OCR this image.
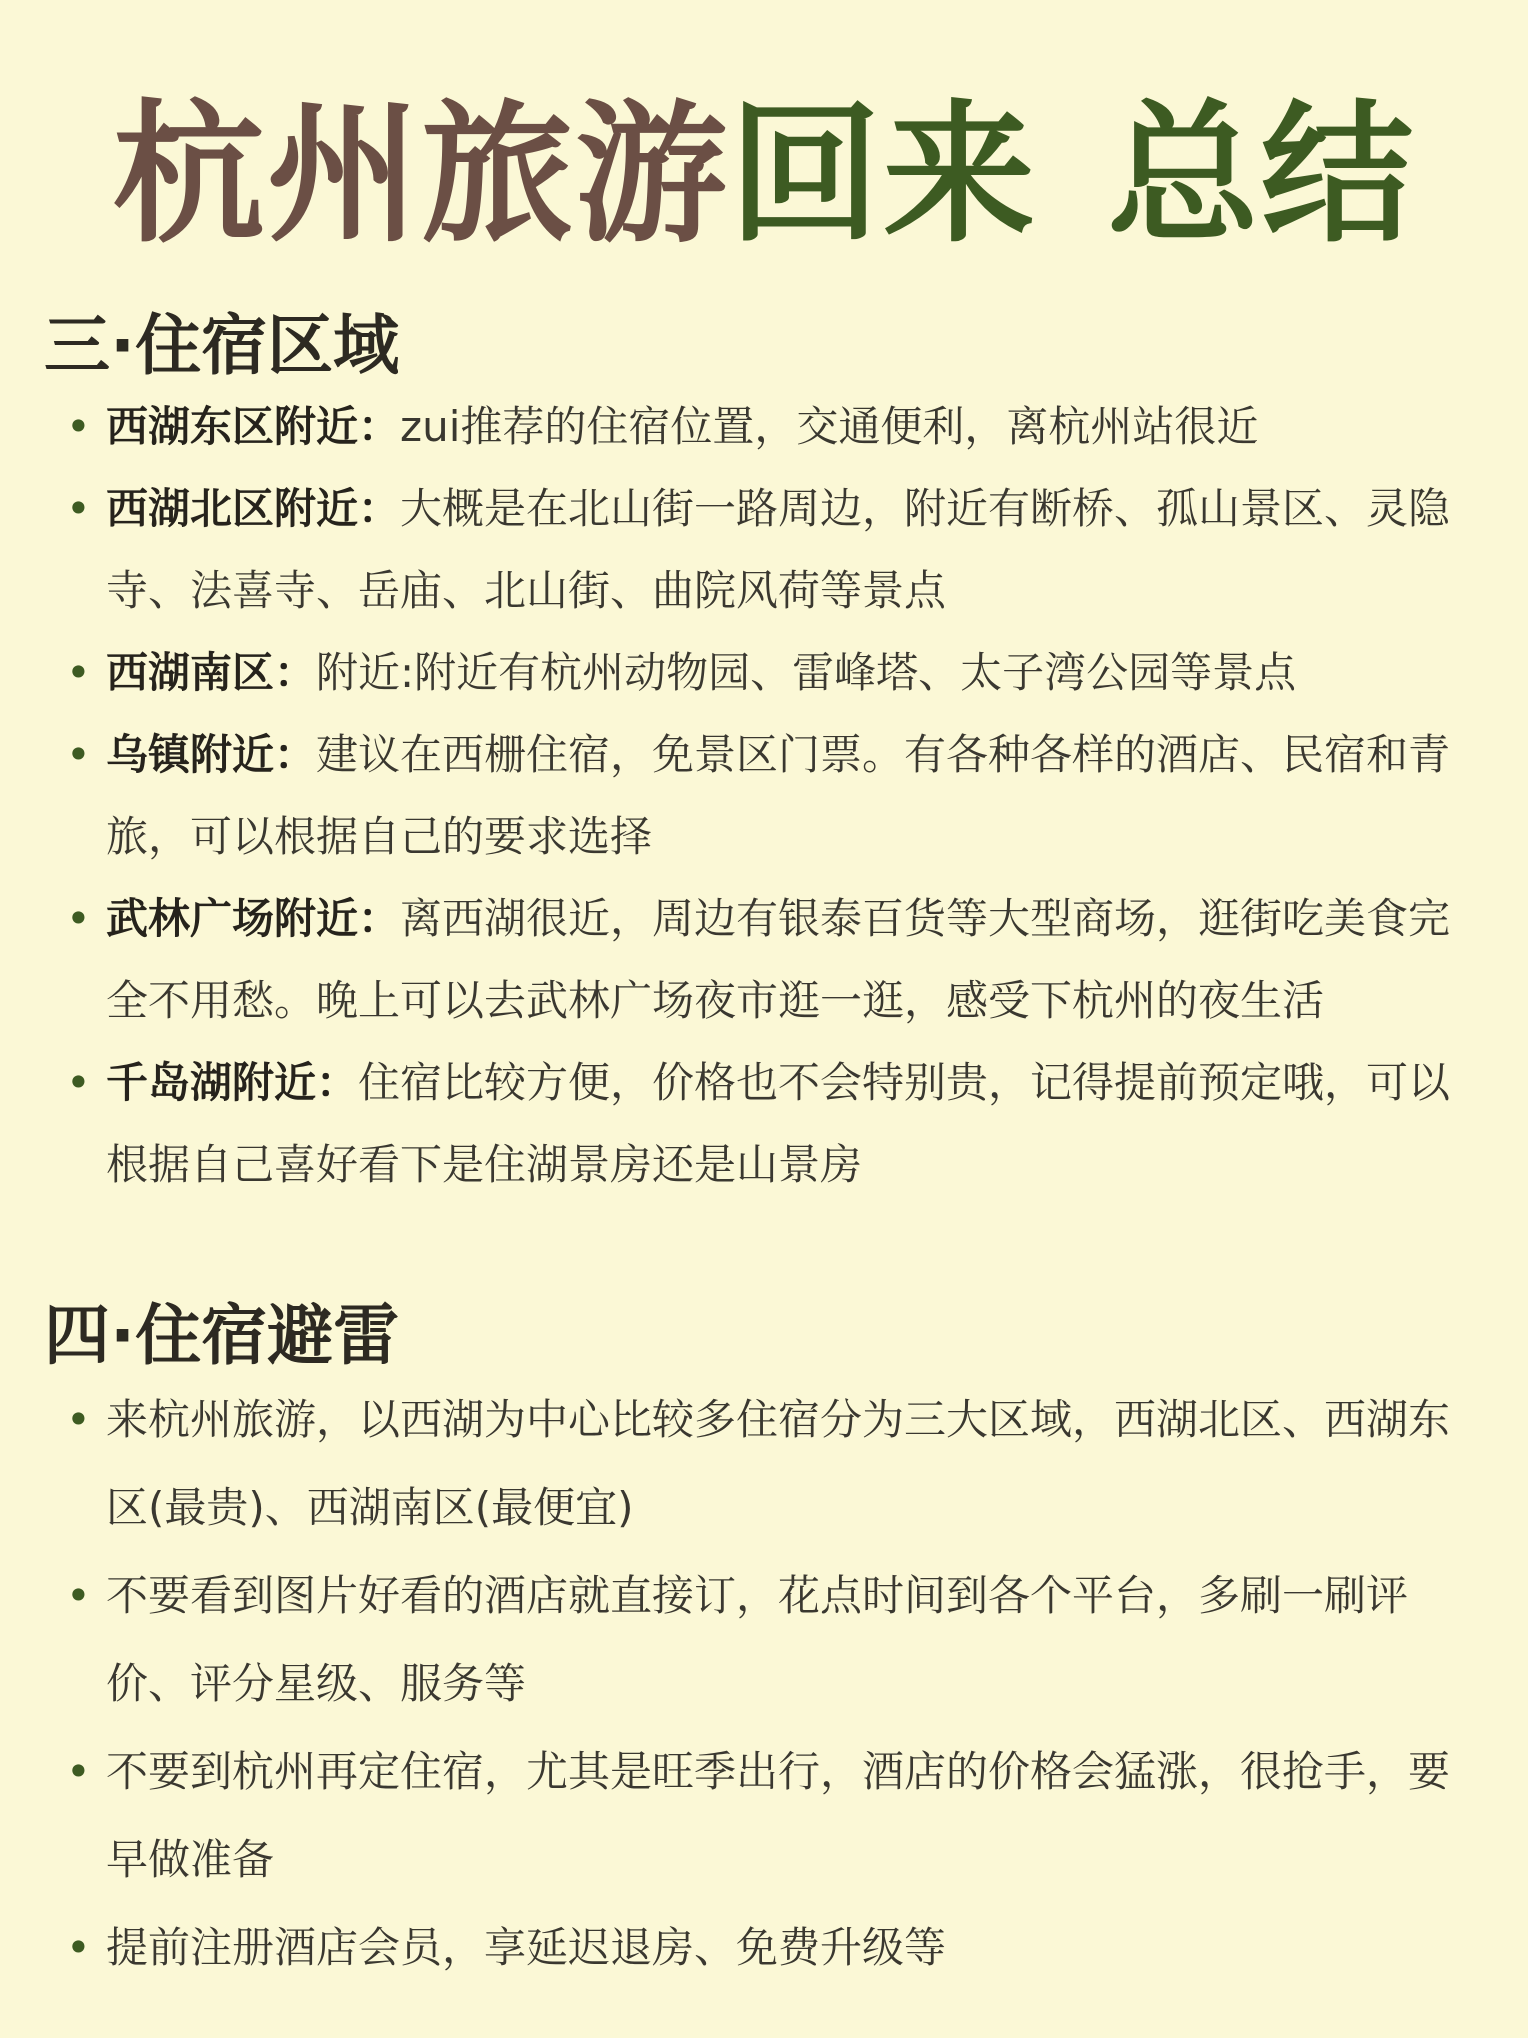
杭州旅游回来 总结
三·住宿区域
• 西湖东区附近：zui推荐的住宿位置，交通便利，离杭州站很近
• 西湖北区附近：大概是在北山街一路周边，附近有断桥、孤山景区、灵隐寺、法喜寺、岳庙、北山街、曲院风荷等景点
• 西湖南区：附近:附近有杭州动物园、雷峰塔、太子湾公园等景点
• 乌镇附近：建议在西栅住宿，免景区门票。有各种各样的酒店、民宿和青旅，可以根据自己的要求选择
• 武林广场附近：离西湖很近，周边有银泰百货等大型商场，逛街吃美食完全不用愁。晚上可以去武林广场夜市逛一逛，感受下杭州的夜生活
• 千岛湖附近：住宿比较方便，价格也不会特别贵，记得提前预定哦，可以根据自己喜好看下是住湖景房还是山景房
四·住宿避雷
• 来杭州旅游，以西湖为中心比较多住宿分为三大区域，西湖北区、西湖东区(最贵)、西湖南区(最便宜)
• 不要看到图片好看的酒店就直接订，花点时间到各个平台，多刷一刷评价、评分星级、服务等
• 不要到杭州再定住宿，尤其是旺季出行，酒店的价格会猛涨，很抢手，要早做准备
• 提前注册酒店会员，享延迟退房、免费升级等
